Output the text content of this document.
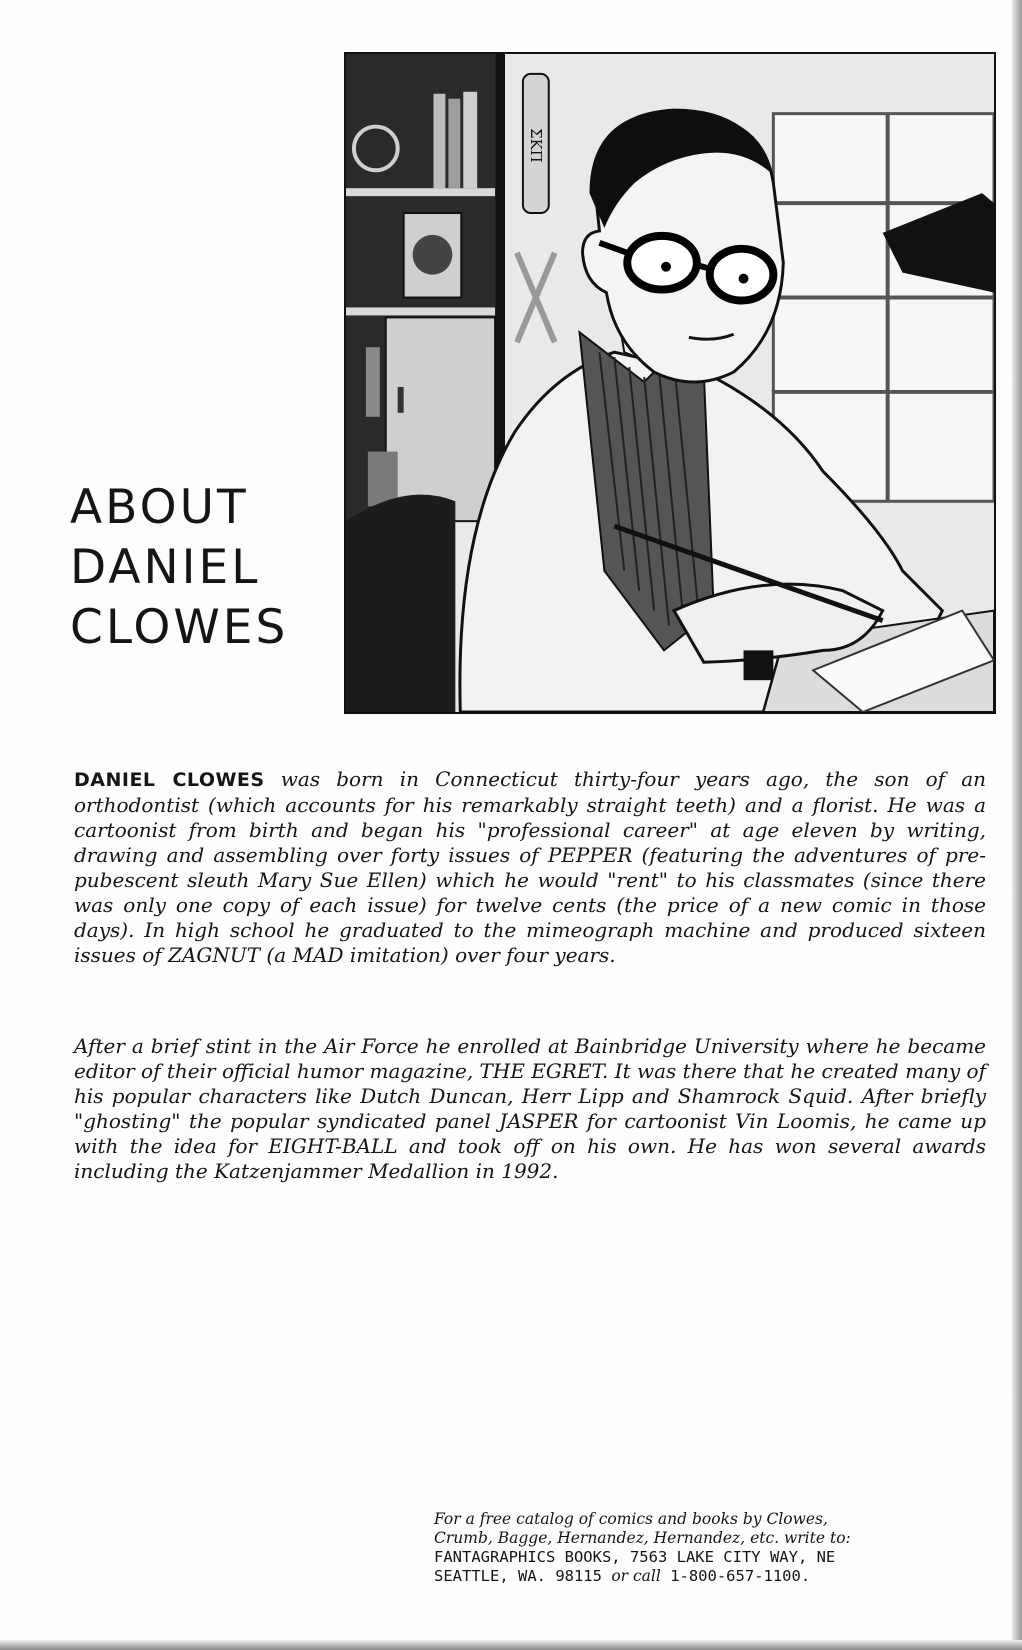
ABOUT
DANIEL
CLOWES
ΣΚΠ

DANIEL CLOWES was born in Connecticut thirty-four years ago, the son of an orthodontist (which accounts for his remarkably straight teeth) and a florist. He was a cartoonist from birth and began his "professional career" at age eleven by writing, drawing and assembling over forty issues of PEPPER (featuring the adventures of pre-pubescent sleuth Mary Sue Ellen) which he would "rent" to his classmates (since there was only one copy of each issue) for twelve cents (the price of a new comic in those days). In high school he graduated to the mimeograph machine and produced sixteen issues of ZAGNUT (a MAD imitation) over four years.

After a brief stint in the Air Force he enrolled at Bainbridge University where he became editor of their official humor magazine, THE EGRET. It was there that he created many of his popular characters like Dutch Duncan, Herr Lipp and Shamrock Squid. After briefly "ghosting" the popular syndicated panel JASPER for cartoonist Vin Loomis, he came up with the idea for EIGHT-BALL and took off on his own. He has won several awards including the Katzenjammer Medallion in 1992.

For a free catalog of comics and books by Clowes,
Crumb, Bagge, Hernandez, Hernandez, etc. write to:
FANTAGRAPHICS BOOKS, 7563 LAKE CITY WAY, NE
SEATTLE, WA. 98115 or call 1-800-657-1100.
